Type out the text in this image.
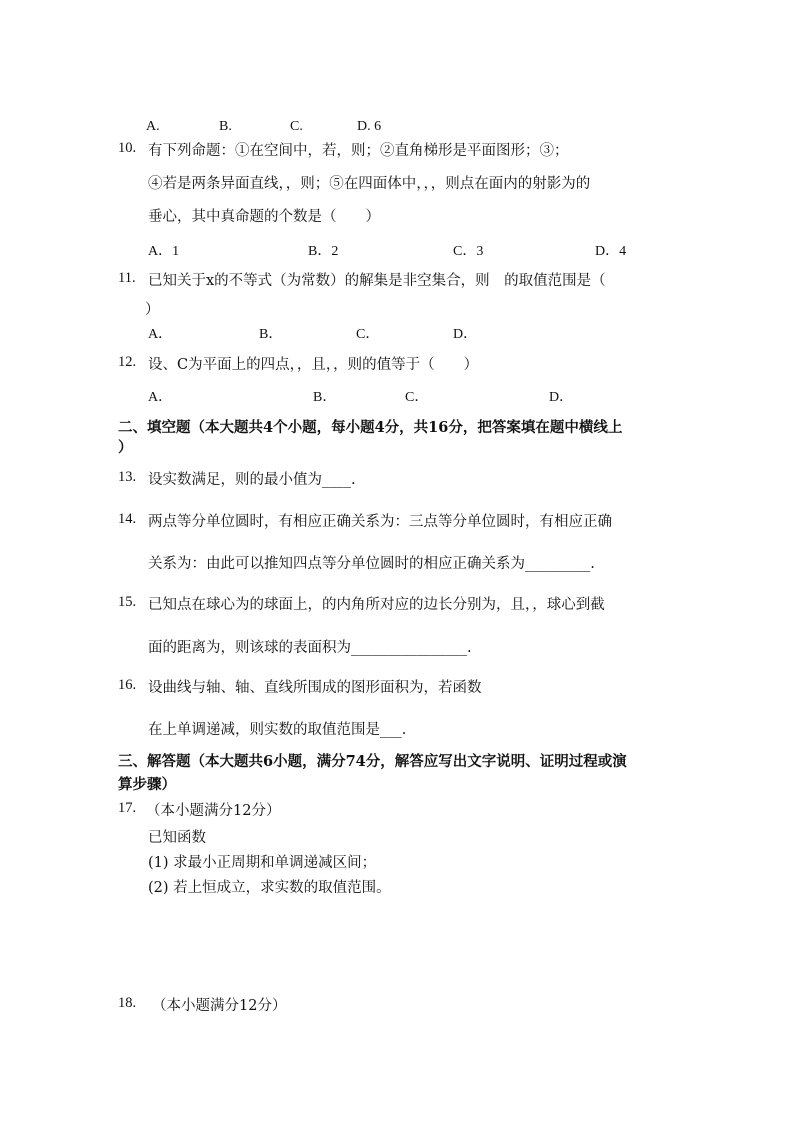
A.	B.	C.	D. 6
10. 有下列命题：①在空间中，若，则；②直角梯形是平面图形；③；
④若是两条异面直线，，则；⑤在四面体中，，，则点在面内的射影为的
垂心，其中真命题的个数是（　　）
A．1	B．2	C．3	D．4
11. 已知关于x的不等式（为常数）的解集是非空集合，则　的取值范围是（
）
A．	B．	C．	D．
12. 设、C为平面上的四点，，且，，则的值等于（　　）
A．	B．	C．	D．
二、填空题（本大题共4个小题，每小题4分，共16分，把答案填在题中横线上
）
13. 设实数满足，则的最小值为____.
14. 两点等分单位圆时，有相应正确关系为：三点等分单位圆时，有相应正确
关系为：由此可以推知四点等分单位圆时的相应正确关系为_________.
15. 已知点在球心为的球面上，的内角所对应的边长分别为，且，，球心到截
面的距离为，则该球的表面积为________________.
16. 设曲线与轴、轴、直线所围成的图形面积为，若函数
在上单调递减，则实数的取值范围是___.
三、解答题（本大题共6小题，满分74分，解答应写出文字说明、证明过程或演
算步骤）
17. （本小题满分12分）
已知函数
(1) 求最小正周期和单调递减区间；
(2) 若上恒成立，求实数的取值范围。
18. （本小题满分12分）
